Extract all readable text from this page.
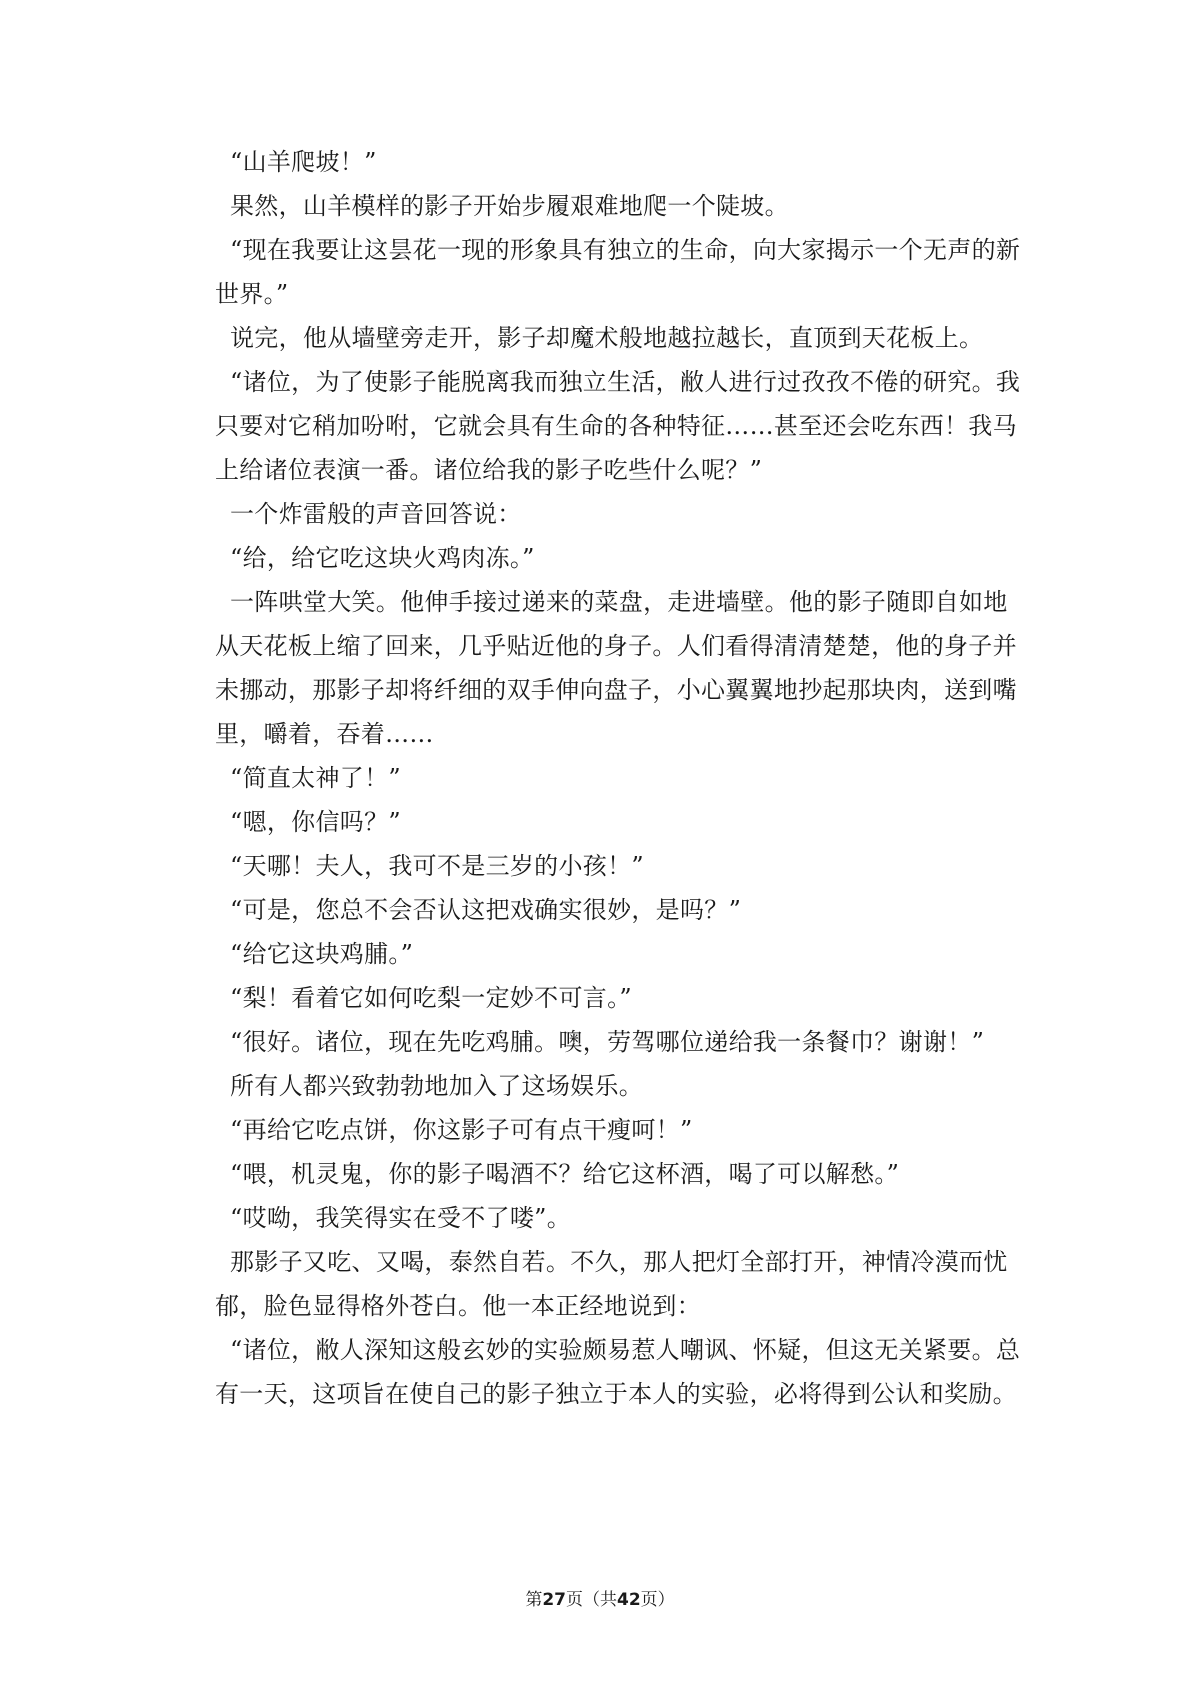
“山羊爬坡！”

果然，山羊模样的影子开始步履艰难地爬一个陡坡。

“现在我要让这昙花一现的形象具有独立的生命，向大家揭示一个无声的新世界。”

说完，他从墙壁旁走开，影子却魔术般地越拉越长，直顶到天花板上。

“诸位，为了使影子能脱离我而独立生活，敝人进行过孜孜不倦的研究。我只要对它稍加吩咐，它就会具有生命的各种特征……甚至还会吃东西！我马上给诸位表演一番。诸位给我的影子吃些什么呢？”

一个炸雷般的声音回答说：

“给，给它吃这块火鸡肉冻。”

一阵哄堂大笑。他伸手接过递来的菜盘，走进墙壁。他的影子随即自如地从天花板上缩了回来，几乎贴近他的身子。人们看得清清楚楚，他的身子并未挪动，那影子却将纤细的双手伸向盘子，小心翼翼地抄起那块肉，送到嘴里，嚼着，吞着……

“简直太神了！”

“嗯，你信吗？”

“天哪！夫人，我可不是三岁的小孩！”

“可是，您总不会否认这把戏确实很妙，是吗？”

“给它这块鸡脯。”

“梨！看着它如何吃梨一定妙不可言。”

“很好。诸位，现在先吃鸡脯。噢，劳驾哪位递给我一条餐巾？谢谢！”

所有人都兴致勃勃地加入了这场娱乐。

“再给它吃点饼，你这影子可有点干瘦呵！”

“喂，机灵鬼，你的影子喝酒不？给它这杯酒，喝了可以解愁。”

“哎呦，我笑得实在受不了喽”。

那影子又吃、又喝，泰然自若。不久，那人把灯全部打开，神情冷漠而忧郁，脸色显得格外苍白。他一本正经地说到：

“诸位，敝人深知这般玄妙的实验颇易惹人嘲讽、怀疑，但这无关紧要。总有一天，这项旨在使自己的影子独立于本人的实验，必将得到公认和奖励。

第27页（共42页）
